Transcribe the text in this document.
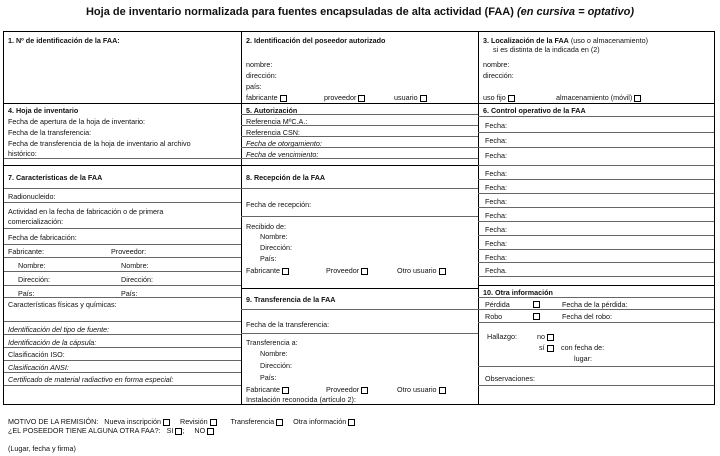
Hoja de inventario normalizada para fuentes encapsuladas de alta actividad (FAA) (en cursiva = optativo)
1. Nº de identificación de la FAA:	2. Identificación del poseedor autorizado
nombre:
dirección:
país:
fabricante	proveedor	usuario
3. Localización de la FAA (uso o almacenamiento)
si es distinta de la indicada en (2)
nombre:
dirección:
uso fijo	almacenamiento (móvil)
4. Hoja de inventario
Fecha de apertura de la hoja de inventario:
Fecha de la transferencia:
Fecha de transferencia de la hoja de inventario al archivo
histórico:
5. Autorización
Referencia MºC.A.:
Referencia CSN:
Fecha de otorgamiento:
Fecha de vencimiento:
6. Control operativo de la FAA
Fecha:
Fecha:
Fecha:
Fecha:
Fecha:
Fecha:
Fecha:
Fecha:
Fecha:
Fecha:
Fecha.
7. Características de la FAA
Radionucleido:
Actividad en la fecha de fabricación o de primera
comercialización:
Fecha de fabricación:
Fabricante:	Proveedor:
Nombre:	Nombre:
Dirección:	Dirección:
País:	País:
Características físicas y químicas:
Identificación del tipo de fuente:
Identificación de la cápsula:
Clasificación ISO:
Clasificación ANSI:
Certificado de material radiactivo en forma especial:
8. Recepción de la FAA
Fecha de recepción:
Recibido de:
Nombre:
Dirección:
País:
Fabricante	Proveedor	Otro usuario
9. Transferencia de la FAA
Fecha de la transferencia:
Transferencia a:
Nombre:
Dirección:
País:
Fabricante	Proveedor	Otro usuario
Instalación reconocida (artículo 2):
10. Otra información
Pérdida	Fecha de la pérdida:
Robo	Fecha del robo:
Hallazgo:	no
sí	con fecha de:
lugar:
Observaciones:
MOTIVO DE LA REMISIÓN: Nueva inscripción	Revisión	Transferencia	Otra información
¿EL POSEEDOR TIENE ALGUNA OTRA FAA?: SI ; NO
(Lugar, fecha y firma)
